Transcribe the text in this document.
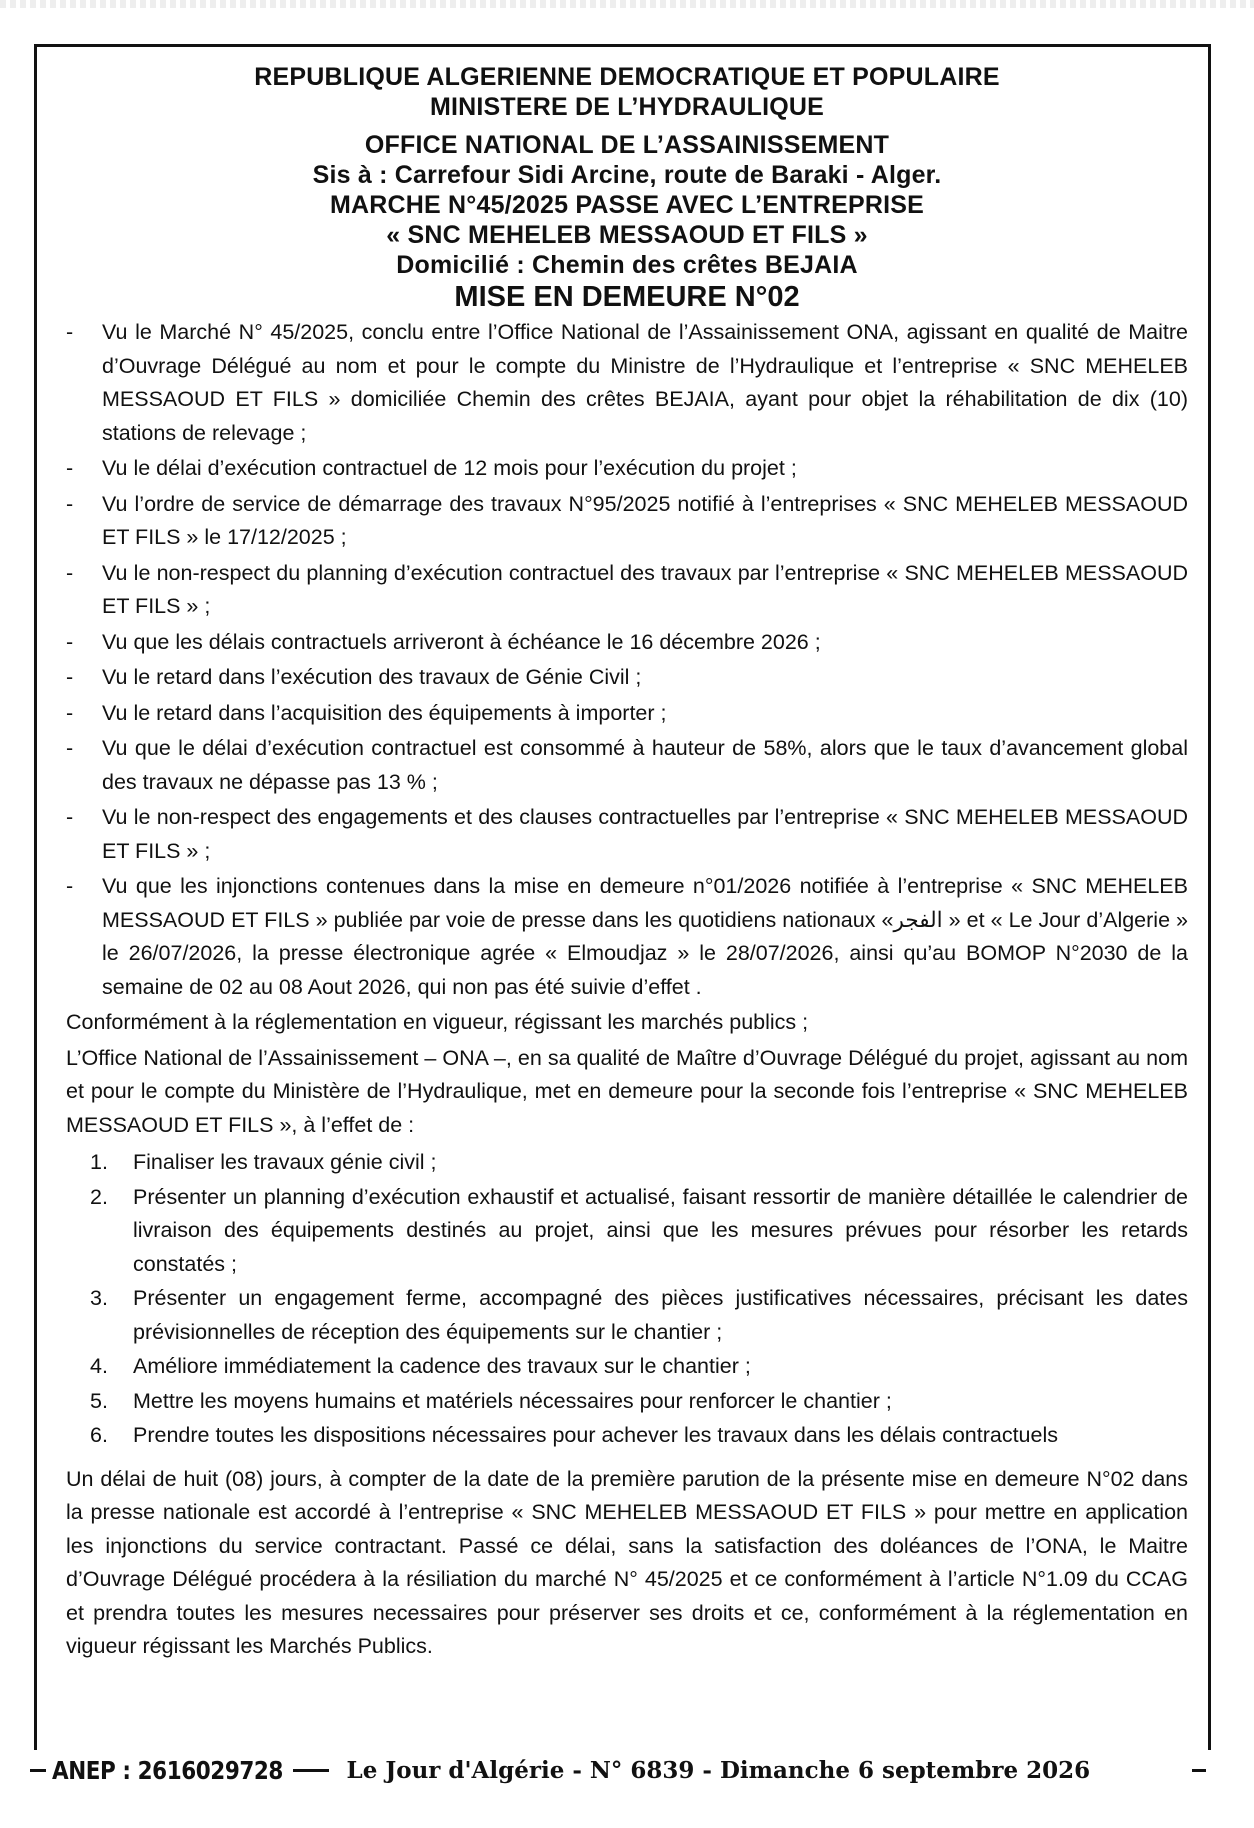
REPUBLIQUE ALGERIENNE DEMOCRATIQUE ET POPULAIRE
MINISTERE DE L’HYDRAULIQUE
OFFICE NATIONAL DE L’ASSAINISSEMENT
Sis à : Carrefour Sidi Arcine, route de Baraki - Alger.
MARCHE N°45/2025 PASSE AVEC L’ENTREPRISE
« SNC MEHELEB MESSAOUD ET FILS »
Domicilié : Chemin des crêtes BEJAIA
MISE EN DEMEURE N°02
-	Vu le Marché N° 45/2025, conclu entre l’Office National de l’Assainissement ONA, agissant en qualité de Maitre d’Ouvrage Délégué au nom et pour le compte du Ministre de l’Hydraulique et l’entreprise « SNC MEHELEB MESSAOUD ET FILS » domiciliée Chemin des crêtes BEJAIA, ayant pour objet la réhabilitation de dix (10) stations de relevage ;
-	Vu le délai d’exécution contractuel de 12 mois pour l’exécution du projet ;
-	Vu l’ordre de service de démarrage des travaux N°95/2025 notifié à l’entreprises « SNC MEHELEB MESSAOUD ET FILS » le 17/12/2025 ;
-	Vu le non-respect du planning d’exécution contractuel des travaux par l’entreprise « SNC MEHELEB MESSAOUD ET FILS » ;
-	Vu que les délais contractuels arriveront à échéance le 16 décembre 2026 ;
-	Vu le retard dans l’exécution des travaux de Génie Civil ;
-	Vu le retard dans l’acquisition des équipements à importer ;
-	Vu que le délai d’exécution contractuel est consommé à hauteur de 58%, alors que le taux d’avancement global des travaux ne dépasse pas 13 % ;
-	Vu le non-respect des engagements et des clauses contractuelles par l’entreprise « SNC MEHELEB MESSAOUD ET FILS » ;
-	Vu que les injonctions contenues dans la mise en demeure n°01/2026 notifiée à l’entreprise « SNC MEHELEB MESSAOUD ET FILS » publiée par voie de presse dans les quotidiens nationaux «الفجر » et « Le Jour d’Algerie » le 26/07/2026, la presse électronique agrée « Elmoudjaz » le 28/07/2026, ainsi qu’au BOMOP N°2030 de la semaine de 02 au 08 Aout 2026, qui non pas été suivie d’effet .

Conformément à la réglementation en vigueur, régissant les marchés publics ;

L’Office National de l’Assainissement – ONA –, en sa qualité de Maître d’Ouvrage Délégué du projet, agissant au nom et pour le compte du Ministère de l’Hydraulique, met en demeure pour la seconde fois l’entreprise « SNC MEHELEB MESSAOUD ET FILS », à l’effet de :

1. Finaliser les travaux génie civil ;
2. Présenter un planning d’exécution exhaustif et actualisé, faisant ressortir de manière détaillée le calendrier de livraison des équipements destinés au projet, ainsi que les mesures prévues pour résorber les retards constatés ;
3. Présenter un engagement ferme, accompagné des pièces justificatives nécessaires, précisant les dates prévisionnelles de réception des équipements sur le chantier ;
4. Améliore immédiatement la cadence des travaux sur le chantier ;
5. Mettre les moyens humains et matériels nécessaires pour renforcer le chantier ;
6. Prendre toutes les dispositions nécessaires pour achever les travaux dans les délais contractuels

Un délai de huit (08) jours, à compter de la date de la première parution de la présente mise en demeure N°02 dans la presse nationale est accordé à l’entreprise « SNC MEHELEB MESSAOUD ET FILS » pour mettre en application les injonctions du service contractant. Passé ce délai, sans la satisfaction des doléances de l’ONA, le Maitre d’Ouvrage Délégué procédera à la résiliation du marché N° 45/2025 et ce conformément à l’article N°1.09 du CCAG et prendra toutes les mesures necessaires pour préserver ses droits et ce, conformément à la réglementation en vigueur régissant les Marchés Publics.

ANEP : 2616029728	Le Jour d'Algérie - N° 6839 - Dimanche 6 septembre 2026
